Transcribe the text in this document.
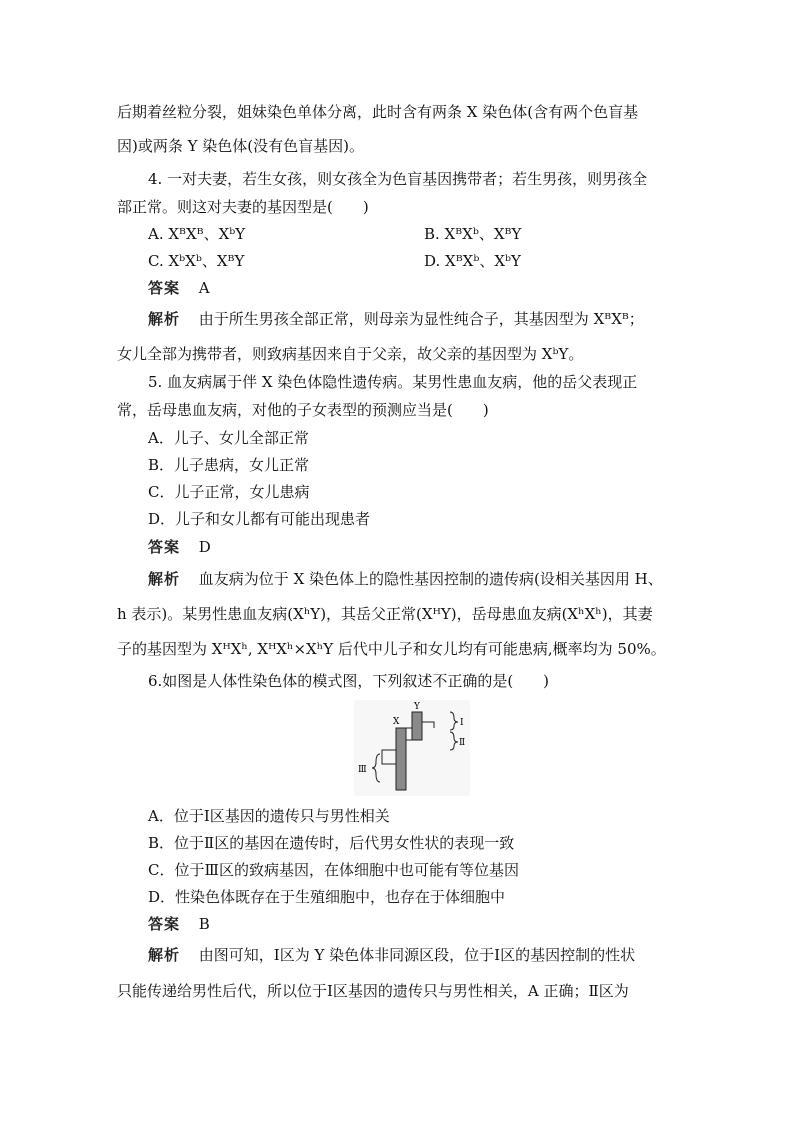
后期着丝粒分裂，姐妹染色单体分离，此时含有两条 X 染色体(含有两个色盲基
因)或两条 Y 染色体(没有色盲基因)。
4. 一对夫妻，若生女孩，则女孩全为色盲基因携带者；若生男孩，则男孩全
部正常。则这对夫妻的基因型是(　　)
A. XᴮXᴮ、XᵇY	B. XᴮXᵇ、XᴮY
C. XᵇXᵇ、XᴮY	D. XᴮXᵇ、XᵇY
答案 A
解析 由于所生男孩全部正常，则母亲为显性纯合子，其基因型为 XᴮXᴮ；
女儿全部为携带者，则致病基因来自于父亲，故父亲的基因型为 XᵇY。
5. 血友病属于伴 X 染色体隐性遗传病。某男性患血友病，他的岳父表现正
常，岳母患血友病，对他的子女表型的预测应当是(　　)
A．儿子、女儿全部正常
B．儿子患病，女儿正常
C．儿子正常，女儿患病
D．儿子和女儿都有可能出现患者
答案 D
解析 血友病为位于 X 染色体上的隐性基因控制的遗传病(设相关基因用 H、
h 表示)。某男性患血友病(XʰY)，其岳父正常(XᴴY)，岳母患血友病(XʰXʰ)，其妻
子的基因型为 XᴴXʰ, XᴴXʰ×XʰY 后代中儿子和女儿均有可能患病,概率均为 50%。
6.如图是人体性染色体的模式图，下列叙述不正确的是(　　)
X
Y
Ⅰ
Ⅱ
Ⅲ
A．位于Ⅰ区基因的遗传只与男性相关
B．位于Ⅱ区的基因在遗传时，后代男女性状的表现一致
C．位于Ⅲ区的致病基因，在体细胞中也可能有等位基因
D．性染色体既存在于生殖细胞中，也存在于体细胞中
答案 B
解析 由图可知，Ⅰ区为 Y 染色体非同源区段，位于Ⅰ区的基因控制的性状
只能传递给男性后代，所以位于Ⅰ区基因的遗传只与男性相关，A 正确；Ⅱ区为
